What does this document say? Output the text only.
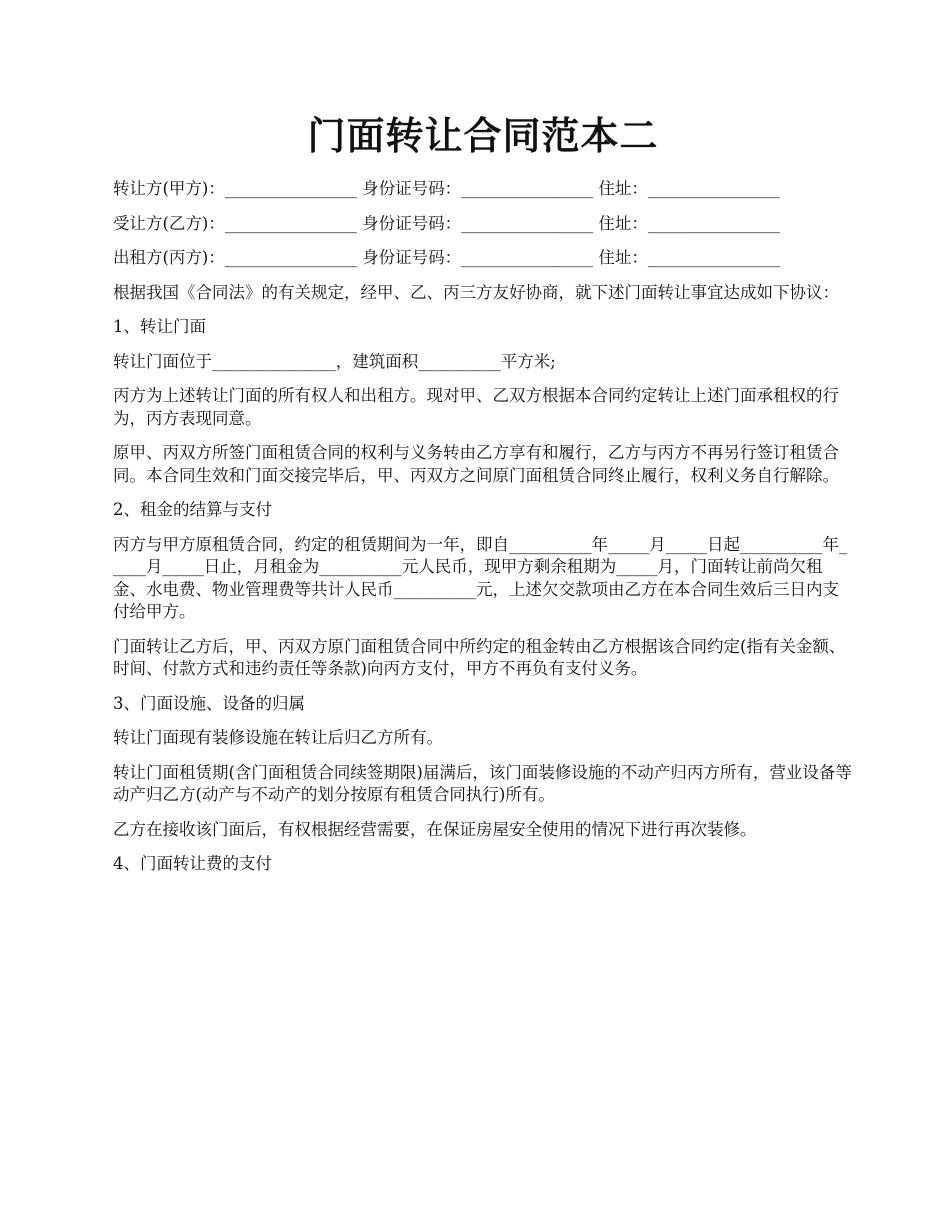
门面转让合同范本二

转让方(甲方)：________________ 身份证号码：________________ 住址：________________

受让方(乙方)：________________ 身份证号码：________________ 住址：________________

出租方(丙方)：________________ 身份证号码：________________ 住址：________________

根据我国《合同法》的有关规定，经甲、乙、丙三方友好协商，就下述门面转让事宜达成如下协议：

1、转让门面

转让门面位于_______________，建筑面积__________平方米;

丙方为上述转让门面的所有权人和出租方。现对甲、乙双方根据本合同约定转让上述门面承租权的行为，丙方表现同意。

原甲、丙双方所签门面租赁合同的权利与义务转由乙方享有和履行，乙方与丙方不再另行签订租赁合同。本合同生效和门面交接完毕后，甲、丙双方之间原门面租赁合同终止履行，权利义务自行解除。

2、租金的结算与支付

丙方与甲方原租赁合同，约定的租赁期间为一年，即自__________年_____月_____日起__________年_____月_____日止，月租金为__________元人民币，现甲方剩余租期为_____月，门面转让前尚欠租金、水电费、物业管理费等共计人民币__________元，上述欠交款项由乙方在本合同生效后三日内支付给甲方。

门面转让乙方后，甲、丙双方原门面租赁合同中所约定的租金转由乙方根据该合同约定(指有关金额、时间、付款方式和违约责任等条款)向丙方支付，甲方不再负有支付义务。

3、门面设施、设备的归属

转让门面现有装修设施在转让后归乙方所有。

转让门面租赁期(含门面租赁合同续签期限)届满后，该门面装修设施的不动产归丙方所有，营业设备等动产归乙方(动产与不动产的划分按原有租赁合同执行)所有。

乙方在接收该门面后，有权根据经营需要，在保证房屋安全使用的情况下进行再次装修。

4、门面转让费的支付
